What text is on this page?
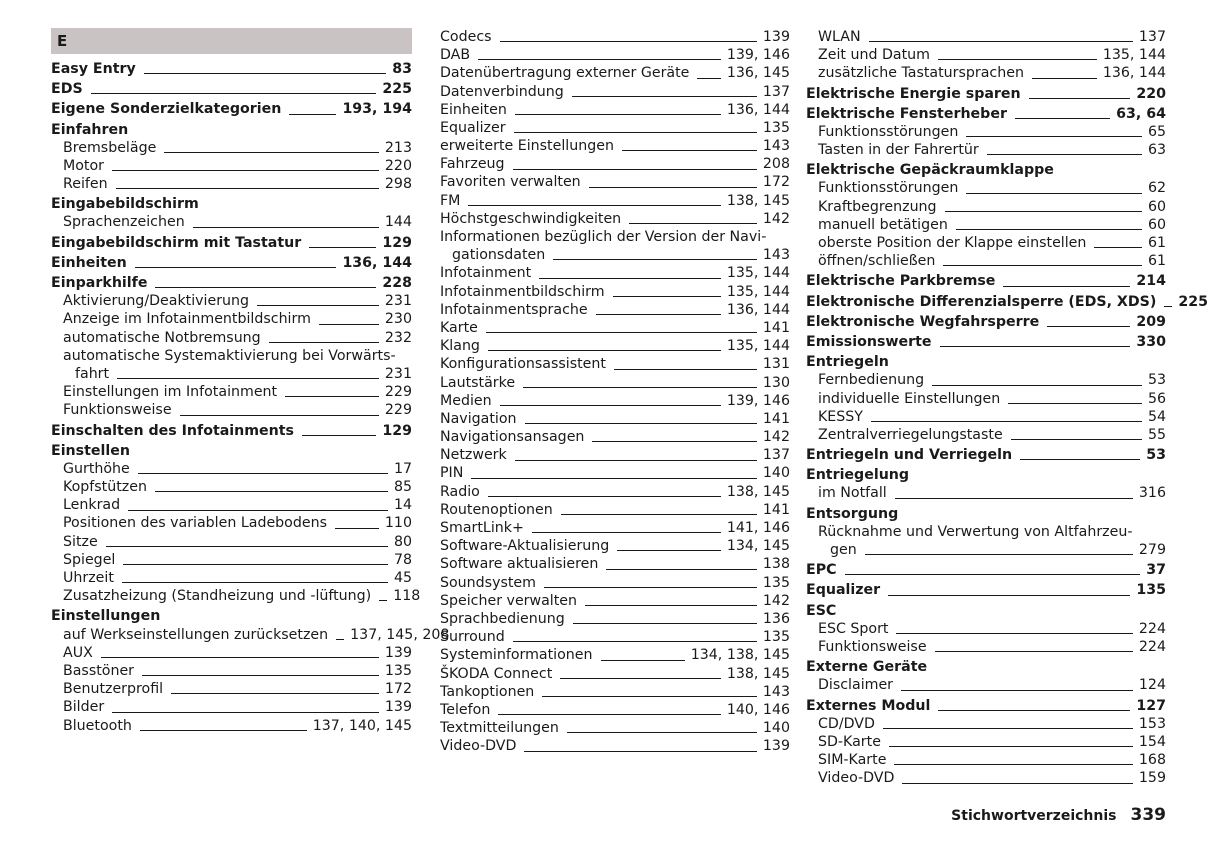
E
Easy Entry	83
EDS	225
Eigene Sonderzielkategorien	193, 194
Einfahren
Bremsbeläge	213
Motor	220
Reifen	298
Eingabebildschirm
Sprachenzeichen	144
Eingabebildschirm mit Tastatur	129
Einheiten	136, 144
Einparkhilfe	228
Aktivierung/Deaktivierung	231
Anzeige im Infotainmentbildschirm	230
automatische Notbremsung	232
automatische Systemaktivierung bei Vorwärts-
fahrt	231
Einstellungen im Infotainment	229
Funktionsweise	229
Einschalten des Infotainments	129
Einstellen
Gurthöhe	17
Kopfstützen	85
Lenkrad	14
Positionen des variablen Ladebodens	110
Sitze	80
Spiegel	78
Uhrzeit	45
Zusatzheizung (Standheizung und -lüftung) 118
Einstellungen
auf Werkseinstellungen zurücksetzen 137, 145, 208
AUX	139
Basstöner	135
Benutzerprofil	172
Bilder	139
Bluetooth	137, 140, 145
Codecs	139
DAB	139, 146
Datenübertragung externer Geräte	136, 145
Datenverbindung	137
Einheiten	136, 144
Equalizer	135
erweiterte Einstellungen	143
Fahrzeug	208
Favoriten verwalten	172
FM	138, 145
Höchstgeschwindigkeiten	142
Informationen bezüglich der Version der Navi-
gationsdaten	143
Infotainment	135, 144
Infotainmentbildschirm	135, 144
Infotainmentsprache	136, 144
Karte	141
Klang	135, 144
Konfigurationsassistent	131
Lautstärke	130
Medien	139, 146
Navigation	141
Navigationsansagen	142
Netzwerk	137
PIN	140
Radio	138, 145
Routenoptionen	141
SmartLink+	141, 146
Software-Aktualisierung	134, 145
Software aktualisieren	138
Soundsystem	135
Speicher verwalten	142
Sprachbedienung	136
Surround	135
Systeminformationen	134, 138, 145
ŠKODA Connect	138, 145
Tankoptionen	143
Telefon	140, 146
Textmitteilungen	140
Video-DVD	139
WLAN	137
Zeit und Datum	135, 144
zusätzliche Tastatursprachen	136, 144
Elektrische Energie sparen	220
Elektrische Fensterheber	63, 64
Funktionsstörungen	65
Tasten in der Fahrertür	63
Elektrische Gepäckraumklappe
Funktionsstörungen	62
Kraftbegrenzung	60
manuell betätigen	60
oberste Position der Klappe einstellen	61
öffnen/schließen	61
Elektrische Parkbremse	214
Elektronische Differenzialsperre (EDS, XDS) 225
Elektronische Wegfahrsperre	209
Emissionswerte	330
Entriegeln
Fernbedienung	53
individuelle Einstellungen	56
KESSY	54
Zentralverriegelungstaste	55
Entriegeln und Verriegeln	53
Entriegelung
im Notfall	316
Entsorgung
Rücknahme und Verwertung von Altfahrzeu-
gen	279
EPC	37
Equalizer	135
ESC
ESC Sport	224
Funktionsweise	224
Externe Geräte
Disclaimer	124
Externes Modul	127
CD/DVD	153
SD-Karte	154
SIM-Karte	168
Video-DVD	159
Stichwortverzeichnis 339
